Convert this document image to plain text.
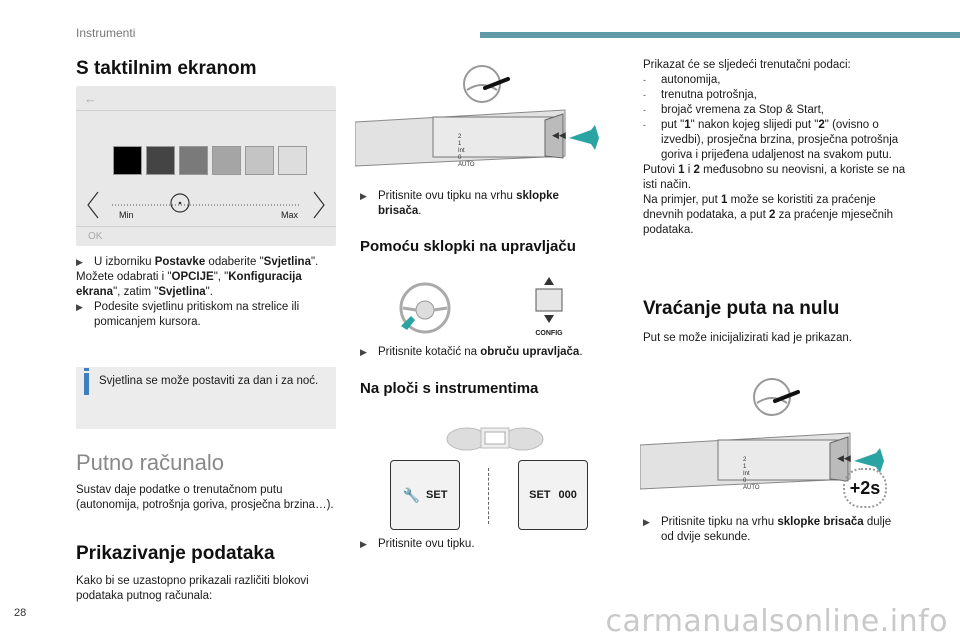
Instrumenti
S taktilnim ekranom
←
Min	Max
OK
▶ U izborniku Postavke odaberite "Svjetlina".
Možete odabrati i "OPCIJE", "Konfiguracija ekrana", zatim "Svjetlina".
▶ Podesite svjetlinu pritiskom na strelice ili pomicanjem kursora.
Svjetlina se može postaviti za dan i za noć.
Putno računalo
Sustav daje podatke o trenutačnom putu (autonomija, potrošnja goriva, prosječna brzina…).
Prikazivanje podataka
Kako bi se uzastopno prikazali različiti blokovi podataka putnog računala:
◀◀
2
1
Int
0
AUTO
▶ Pritisnite ovu tipku na vrhu sklopke brisača.
Pomoću sklopki na upravljaču
CONFIG
▶ Pritisnite kotačić na obruču upravljača.
Na ploči s instrumentima
🔧 SET	SET 000
▶ Pritisnite ovu tipku.
Prikazat će se sljedeći trenutačni podaci:
- autonomija,
- trenutna potrošnja,
- brojač vremena za Stop & Start,
- put "1" nakon kojeg slijedi put "2" (ovisno o izvedbi), prosječna brzina, prosječna potrošnja goriva i prijeđena udaljenost na svakom putu.
Putovi 1 i 2 međusobno su neovisni, a koriste se na isti način.
Na primjer, put 1 može se koristiti za praćenje dnevnih podataka, a put 2 za praćenje mjesečnih podataka.
Vraćanje puta na nulu
Put se može inicijalizirati kad je prikazan.
◀◀
2
1
Int
0
AUTO	+2s
▶ Pritisnite tipku na vrhu sklopke brisača dulje od dvije sekunde.
28	carmanualsonline.info
